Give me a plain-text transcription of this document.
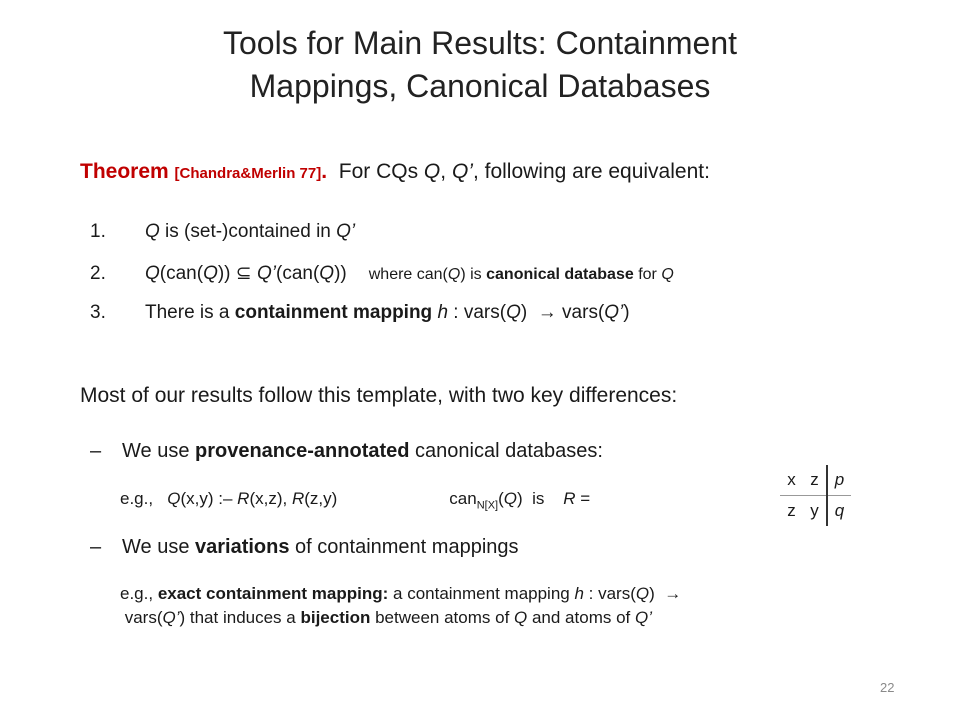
Tools for Main Results: Containment
Mappings, Canonical Databases
Theorem [Chandra&Merlin 77].  For CQs Q, Q’, following are equivalent:
1. Q is (set-)contained in Q’
2. Q(can(Q)) ⊆ Q’(can(Q)) where can(Q) is canonical database for Q
3. There is a containment mapping h : vars(Q)  → vars(Q’)
Most of our results follow this template, with two key differences:
– We use provenance-annotated canonical databases:
e.g.,   Q(x,y) :– R(x,z), R(z,y)	can$_{N[X]}$(Q)  is    R =
x	z	p
z	y	q
– We use variations of containment mappings
e.g., exact containment mapping: a containment mapping h : vars(Q)  → vars(Q’) that induces a bijection between atoms of Q and atoms of Q’
22
